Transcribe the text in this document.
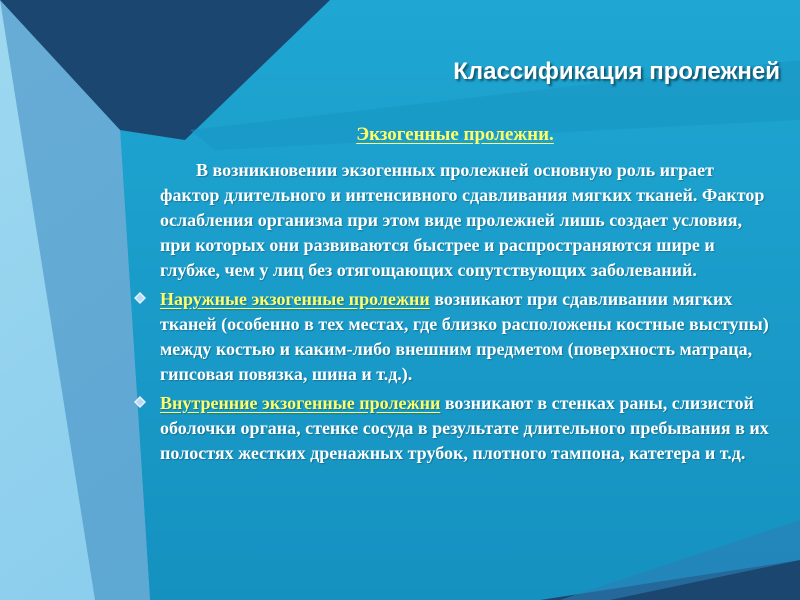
Классификация пролежней
Экзогенные пролежни.

В возникновении экзогенных пролежней основную роль играет фактор длительного и интенсивного сдавливания мягких тканей. Фактор ослабления организма при этом виде пролежней лишь создает условия, при которых они развиваются быстрее и распространяются шире и глубже, чем у лиц без отягощающих сопутствующих заболеваний.

Наружные экзогенные пролежни возникают при сдавливании мягких тканей (особенно в тех местах, где близко расположены костные выступы) между костью и каким-либо внешним предметом (поверхность матраца, гипсовая повязка, шина и т.д.).
Внутренние экзогенные пролежни возникают в стенках раны, слизистой оболочки органа, стенке сосуда в результате длительного пребывания в их полостях жестких дренажных трубок, плотного тампона, катетера и т.д.
